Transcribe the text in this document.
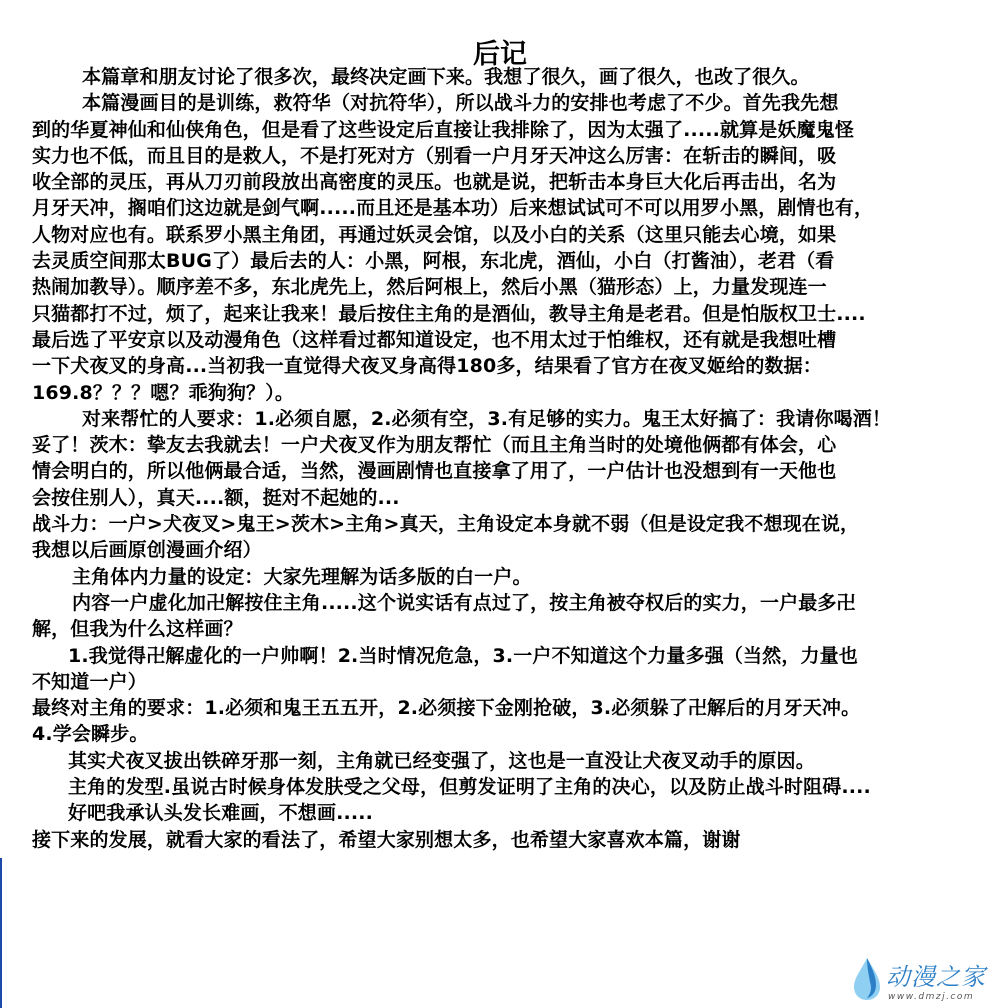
后记
本篇章和朋友讨论了很多次，最终决定画下来。我想了很久，画了很久，也改了很久。
本篇漫画目的是训练，救符华（对抗符华），所以战斗力的安排也考虑了不少。首先我先想
到的华夏神仙和仙侠角色，但是看了这些设定后直接让我排除了，因为太强了.....就算是妖魔鬼怪
实力也不低，而且目的是救人，不是打死对方（别看一户月牙天冲这么厉害：在斩击的瞬间，吸
收全部的灵压，再从刀刃前段放出高密度的灵压。也就是说，把斩击本身巨大化后再击出，名为
月牙天冲，搁咱们这边就是剑气啊.....而且还是基本功）后来想试试可不可以用罗小黑，剧情也有，
人物对应也有。联系罗小黑主角团，再通过妖灵会馆，以及小白的关系（这里只能去心境，如果
去灵质空间那太BUG了）最后去的人：小黑，阿根，东北虎，酒仙，小白（打酱油），老君（看
热闹加教导）。顺序差不多，东北虎先上，然后阿根上，然后小黑（猫形态）上，力量发现连一
只猫都打不过，烦了，起来让我来！最后按住主角的是酒仙，教导主角是老君。但是怕版权卫士....
最后选了平安京以及动漫角色（这样看过都知道设定，也不用太过于怕维权，还有就是我想吐槽
一下犬夜叉的身高...当初我一直觉得犬夜叉身高得180多，结果看了官方在夜叉姬给的数据：
169.8？？？嗯？乖狗狗？）。
对来帮忙的人要求：1.必须自愿，2.必须有空，3.有足够的实力。鬼王太好搞了：我请你喝酒！
妥了！茨木：挚友去我就去！一户犬夜叉作为朋友帮忙（而且主角当时的处境他俩都有体会，心
情会明白的，所以他俩最合适，当然，漫画剧情也直接拿了用了，一户估计也没想到有一天他也
会按住别人），真天....额，挺对不起她的...
战斗力：一户>犬夜叉>鬼王>茨木>主角>真天，主角设定本身就不弱（但是设定我不想现在说，
我想以后画原创漫画介绍）
主角体内力量的设定：大家先理解为话多版的白一户。
内容一户虚化加卍解按住主角.....这个说实话有点过了，按主角被夺权后的实力，一户最多卍
解，但我为什么这样画？
1.我觉得卍解虚化的一户帅啊！2.当时情况危急，3.一户不知道这个力量多强（当然，力量也
不知道一户）
最终对主角的要求：1.必须和鬼王五五开，2.必须接下金刚抢破，3.必须躲了卍解后的月牙天冲。
4.学会瞬步。
其实犬夜叉拔出铁碎牙那一刻，主角就已经变强了，这也是一直没让犬夜叉动手的原因。
主角的发型.虽说古时候身体发肤受之父母，但剪发证明了主角的决心，以及防止战斗时阻碍....
好吧我承认头发长难画，不想画.....
接下来的发展，就看大家的看法了，希望大家别想太多，也希望大家喜欢本篇，谢谢
动漫之家
www.dmzj.com
